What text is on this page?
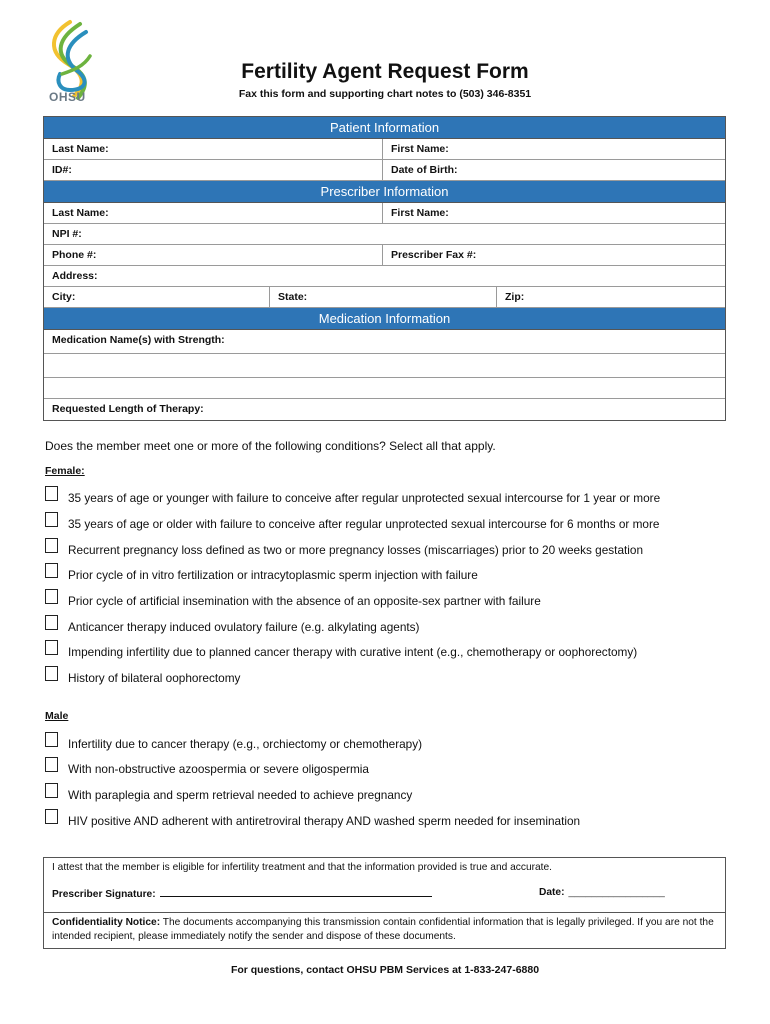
OHSU
Fertility Agent Request Form
Fax this form and supporting chart notes to (503) 346-8351
Patient Information
Last Name:	First Name:
ID#:	Date of Birth:
Prescriber Information
Last Name:	First Name:
NPI #:
Phone #:	Prescriber Fax #:
Address:
City:	State:	Zip:
Medication Information
Medication Name(s) with Strength:
Requested Length of Therapy:
Does the member meet one or more of the following conditions? Select all that apply.
Female:
35 years of age or younger with failure to conceive after regular unprotected sexual intercourse for 1 year or more
35 years of age or older with failure to conceive after regular unprotected sexual intercourse for 6 months or more
Recurrent pregnancy loss defined as two or more pregnancy losses (miscarriages) prior to 20 weeks gestation
Prior cycle of in vitro fertilization or intracytoplasmic sperm injection with failure
Prior cycle of artificial insemination with the absence of an opposite-sex partner with failure
Anticancer therapy induced ovulatory failure (e.g. alkylating agents)
Impending infertility due to planned cancer therapy with curative intent (e.g., chemotherapy or oophorectomy)
History of bilateral oophorectomy
Male
Infertility due to cancer therapy (e.g., orchiectomy or chemotherapy)
With non-obstructive azoospermia or severe oligospermia
With paraplegia and sperm retrieval needed to achieve pregnancy
HIV positive AND adherent with antiretroviral therapy AND washed sperm needed for insemination
I attest that the member is eligible for infertility treatment and that the information provided is true and accurate.
Prescriber Signature:	Date: _________________
Confidentiality Notice: The documents accompanying this transmission contain confidential information that is legally privileged. If you are not the intended recipient, please immediately notify the sender and dispose of these documents.
For questions, contact OHSU PBM Services at 1-833-247-6880
